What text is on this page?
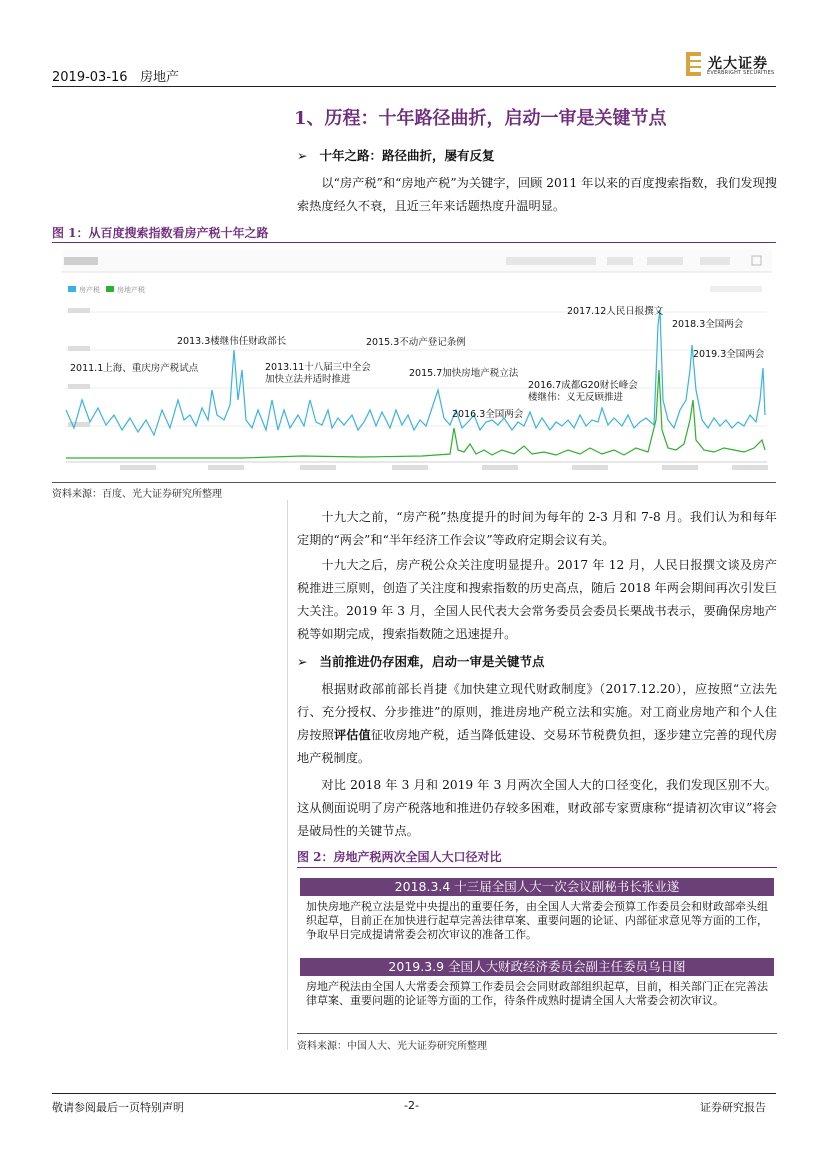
2019-03-16 房地产
光大证券
EVERBRIGHT SECURITIES
1、历程：十年路径曲折，启动一审是关键节点
➢ 十年之路：路径曲折，屡有反复

以“房产税”和“房地产税”为关键字，回顾 2011 年以来的百度搜索指数，我们发现搜索热度经久不衰，且近三年来话题热度升温明显。

图 1：从百度搜索指数看房产税十年之路
房产税 房地产税
2011.1上海、重庆房产税试点
2013.3楼继伟任财政部长
2013.11十八届三中全会
加快立法并适时推进
2015.3不动产登记条例
2015.7加快房地产税立法
2016.3全国两会
2016.7成都G20财长峰会
楼继伟：义无反顾推进
2017.12人民日报撰文
2018.3全国两会
2019.3全国两会
资料来源：百度、光大证券研究所整理

十九大之前，“房产税”热度提升的时间为每年的 2-3 月和 7-8 月。我们认为和每年定期的“两会”和“半年经济工作会议”等政府定期会议有关。

十九大之后，房产税公众关注度明显提升。2017 年 12 月，人民日报撰文谈及房产税推进三原则，创造了关注度和搜索指数的历史高点，随后 2018 年两会期间再次引发巨大关注。2019 年 3 月，全国人民代表大会常务委员会委员长栗战书表示，要确保房地产税等如期完成，搜索指数随之迅速提升。

➢ 当前推进仍存困难，启动一审是关键节点

根据财政部前部长肖捷《加快建立现代财政制度》（2017.12.20），应按照“立法先行、充分授权、分步推进”的原则，推进房地产税立法和实施。对工商业房地产和个人住房按照评估值征收房地产税，适当降低建设、交易环节税费负担，逐步建立完善的现代房地产税制度。

对比 2018 年 3 月和 2019 年 3 月两次全国人大的口径变化，我们发现区别不大。这从侧面说明了房产税落地和推进仍存较多困难，财政部专家贾康称“提请初次审议”将会是破局性的关键节点。

图 2：房地产税两次全国人大口径对比
2018.3.4 十三届全国人大一次会议副秘书长张业遂
加快房地产税立法是党中央提出的重要任务，由全国人大常委会预算工作委员会和财政部牵头组织起草，目前正在加快进行起草完善法律草案、重要问题的论证、内部征求意见等方面的工作，争取早日完成提请常委会初次审议的准备工作。
2019.3.9 全国人大财政经济委员会副主任委员乌日图
房地产税法由全国人大常委会预算工作委员会会同财政部组织起草，目前，相关部门正在完善法律草案、重要问题的论证等方面的工作，待条件成熟时提请全国人大常委会初次审议。
资料来源：中国人大、光大证券研究所整理
敬请参阅最后一页特别声明	-2-	证券研究报告
